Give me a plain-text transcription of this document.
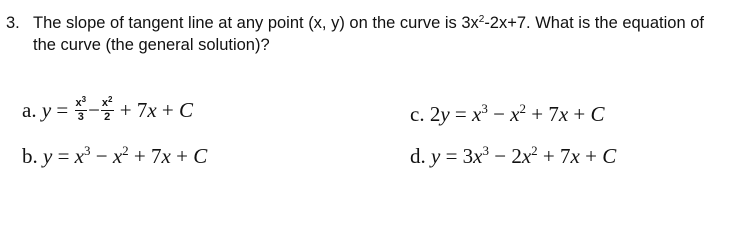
3. The slope of tangent line at any point (x, y) on the curve is $3x^2-2x+7$. What is the equation of
the curve (the general solution)?
a. $y = \frac{x^3}{3} - \frac{x^2}{2} + 7x + C$
b. $y = x^3 - x^2 + 7x + C$
c. $2y = x^3 - x^2 + 7x + C$
d. $y = 3x^3 - 2x^2 + 7x + C$
